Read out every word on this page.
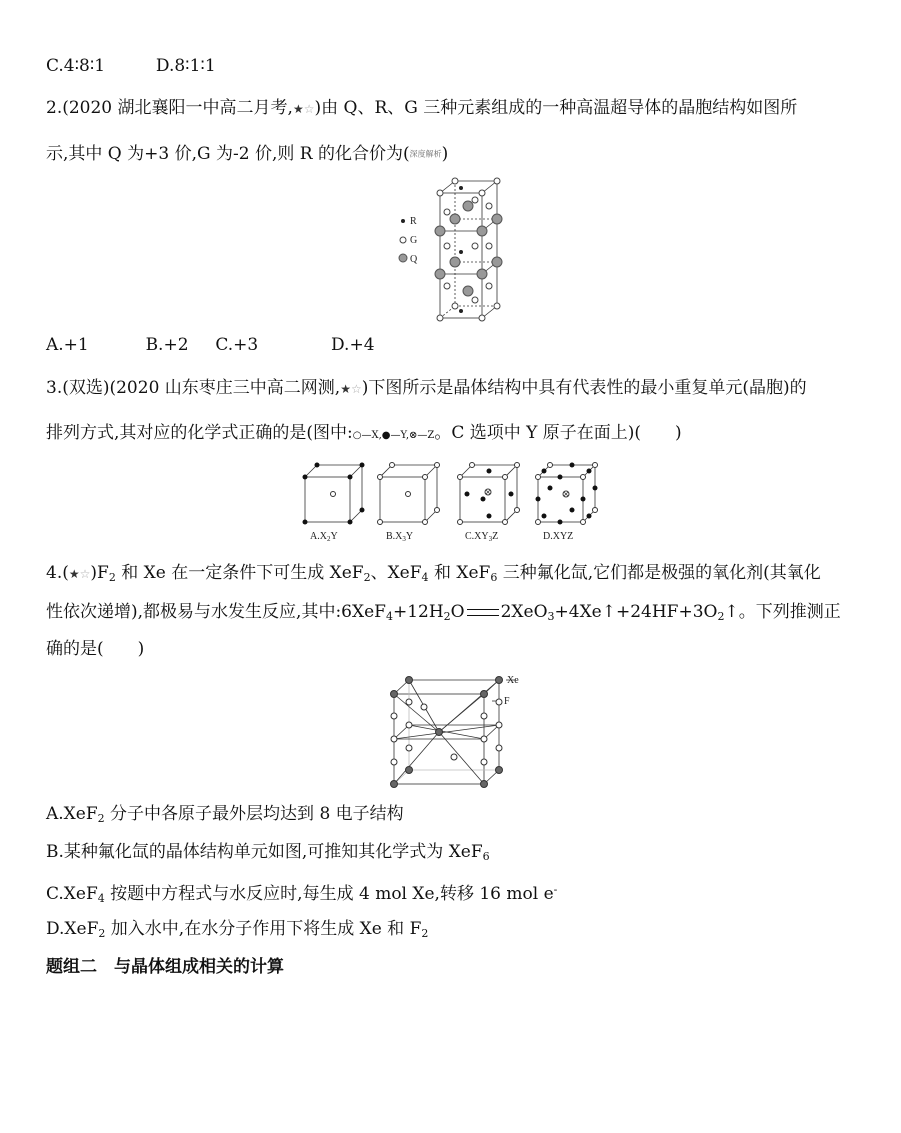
C.4∶8∶1	D.8∶1∶1
2.(2020 湖北襄阳一中高二月考,★☆)由 Q、R、G 三种元素组成的一种高温超导体的晶胞结构如图所
示,其中 Q 为+3 价,G 为-2 价,则 R 的化合价为(深度解析)
R
G
Q
A.+1	B.+2 C.+3	D.+4
3.(双选)(2020 山东枣庄三中高二网测,★☆)下图所示是晶体结构中具有代表性的最小重复单元(晶胞)的
排列方式,其对应的化学式正确的是(图中:○—X,●—Y,⊗—Z。C 选项中 Y 原子在面上)(　　)
$A.X_2Y$	$B.X_3Y$	$C.XY_3Z$	D.XYZ
$4.(★☆)F_2$ 和 Xe 在一定条件下可生成 XeF$_2$、XeF$_4$ 和 XeF$_6$ 三种氟化氙,它们都是极强的氧化剂(其氧化
性依次递增),都极易与水发生反应,其中$:6XeF_4+12H_2O$ $2XeO_3+4Xe↑+24HF+3O_2↑$。下列推测正
确的是(　　)
Xe
F
A.XeF$_2$ 分子中各原子最外层均达到 8 电子结构
B.某种氟化氙的晶体结构单元如图,可推知其化学式为 XeF$_6$
C.XeF$_4$ 按题中方程式与水反应时,每生成 4 mol Xe,转移 16 mol e-
D.XeF$_2$ 加入水中,在水分子作用下将生成 Xe 和 $F_2$
题组二　与晶体组成相关的计算
